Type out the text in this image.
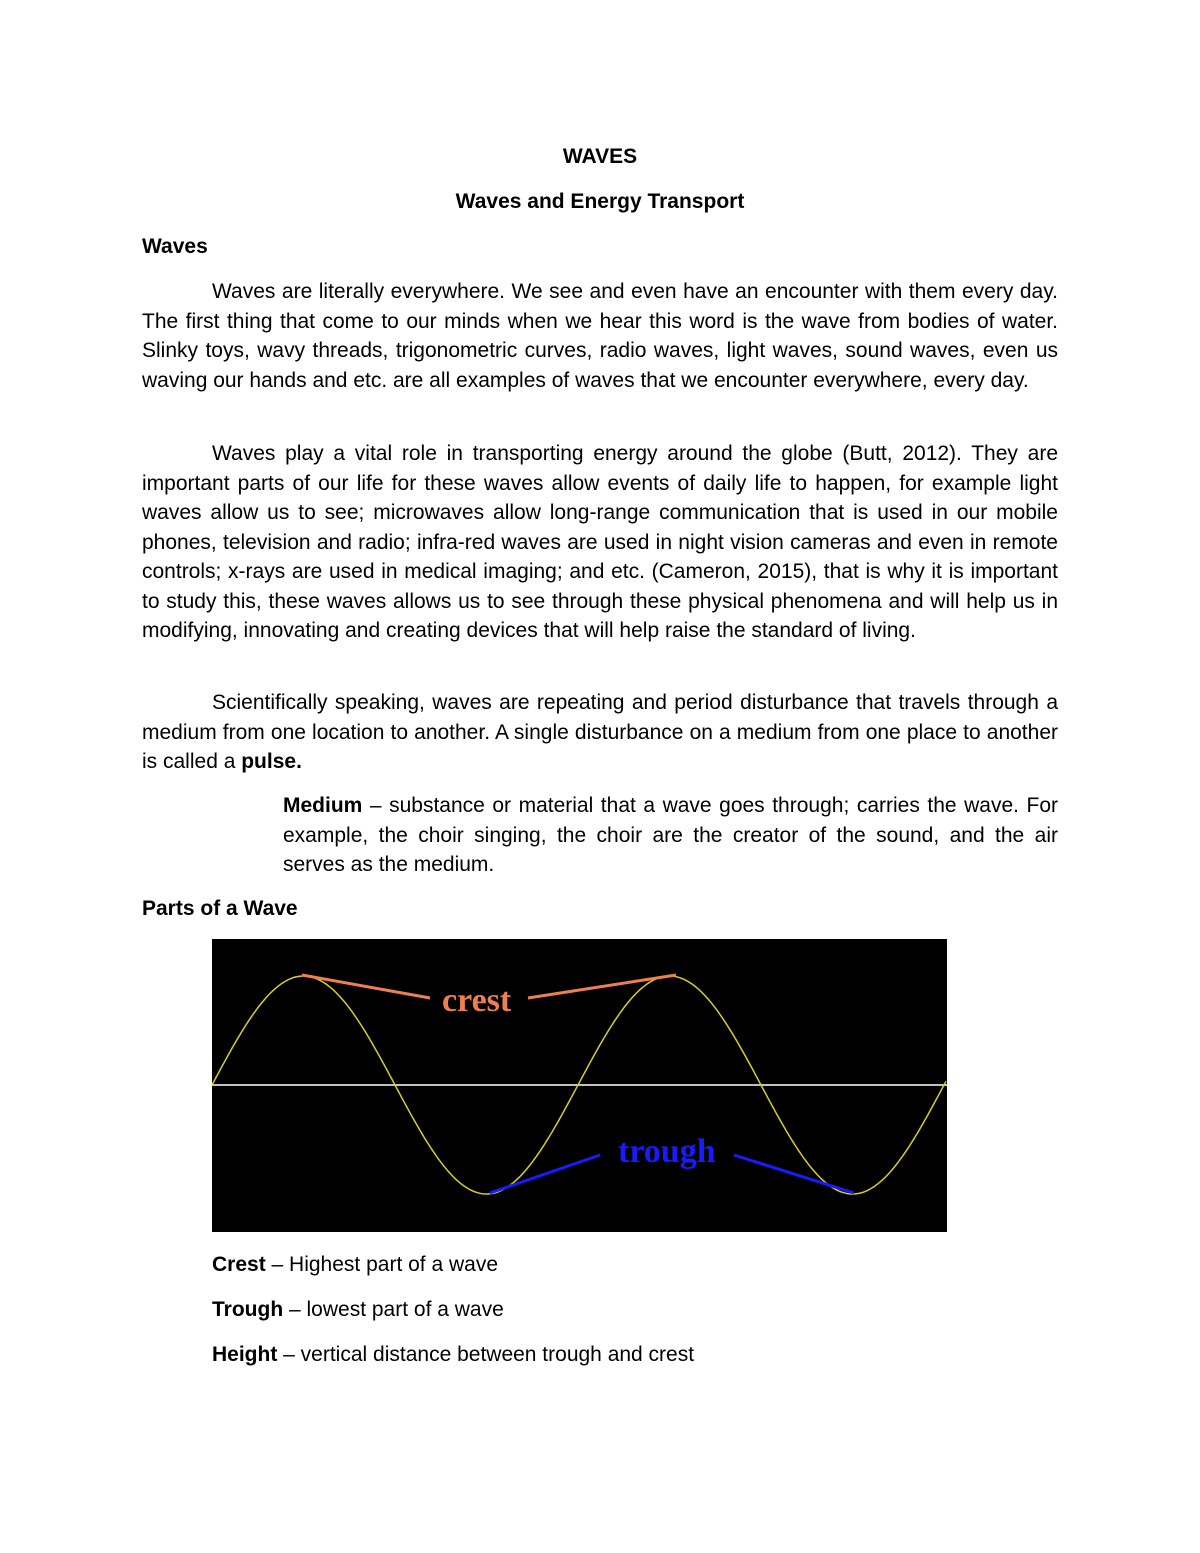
WAVES
Waves and Energy Transport
Waves

Waves are literally everywhere. We see and even have an encounter with them every day. The first thing that come to our minds when we hear this word is the wave from bodies of water. Slinky toys, wavy threads, trigonometric curves, radio waves, light waves, sound waves, even us waving our hands and etc. are all examples of waves that we encounter everywhere, every day.

Waves play a vital role in transporting energy around the globe (Butt, 2012). They are important parts of our life for these waves allow events of daily life to happen, for example light waves allow us to see; microwaves allow long-range communication that is used in our mobile phones, television and radio; infra-red waves are used in night vision cameras and even in remote controls; x-rays are used in medical imaging; and etc. (Cameron, 2015), that is why it is important to study this, these waves allows us to see through these physical phenomena and will help us in modifying, innovating and creating devices that will help raise the standard of living.

Scientifically speaking, waves are repeating and period disturbance that travels through a medium from one location to another. A single disturbance on a medium from one place to another is called a pulse.

Medium – substance or material that a wave goes through; carries the wave. For example, the choir singing, the choir are the creator of the sound, and the air serves as the medium.

Parts of a Wave
crest
trough
Crest – Highest part of a wave
Trough – lowest part of a wave
Height – vertical distance between trough and crest
